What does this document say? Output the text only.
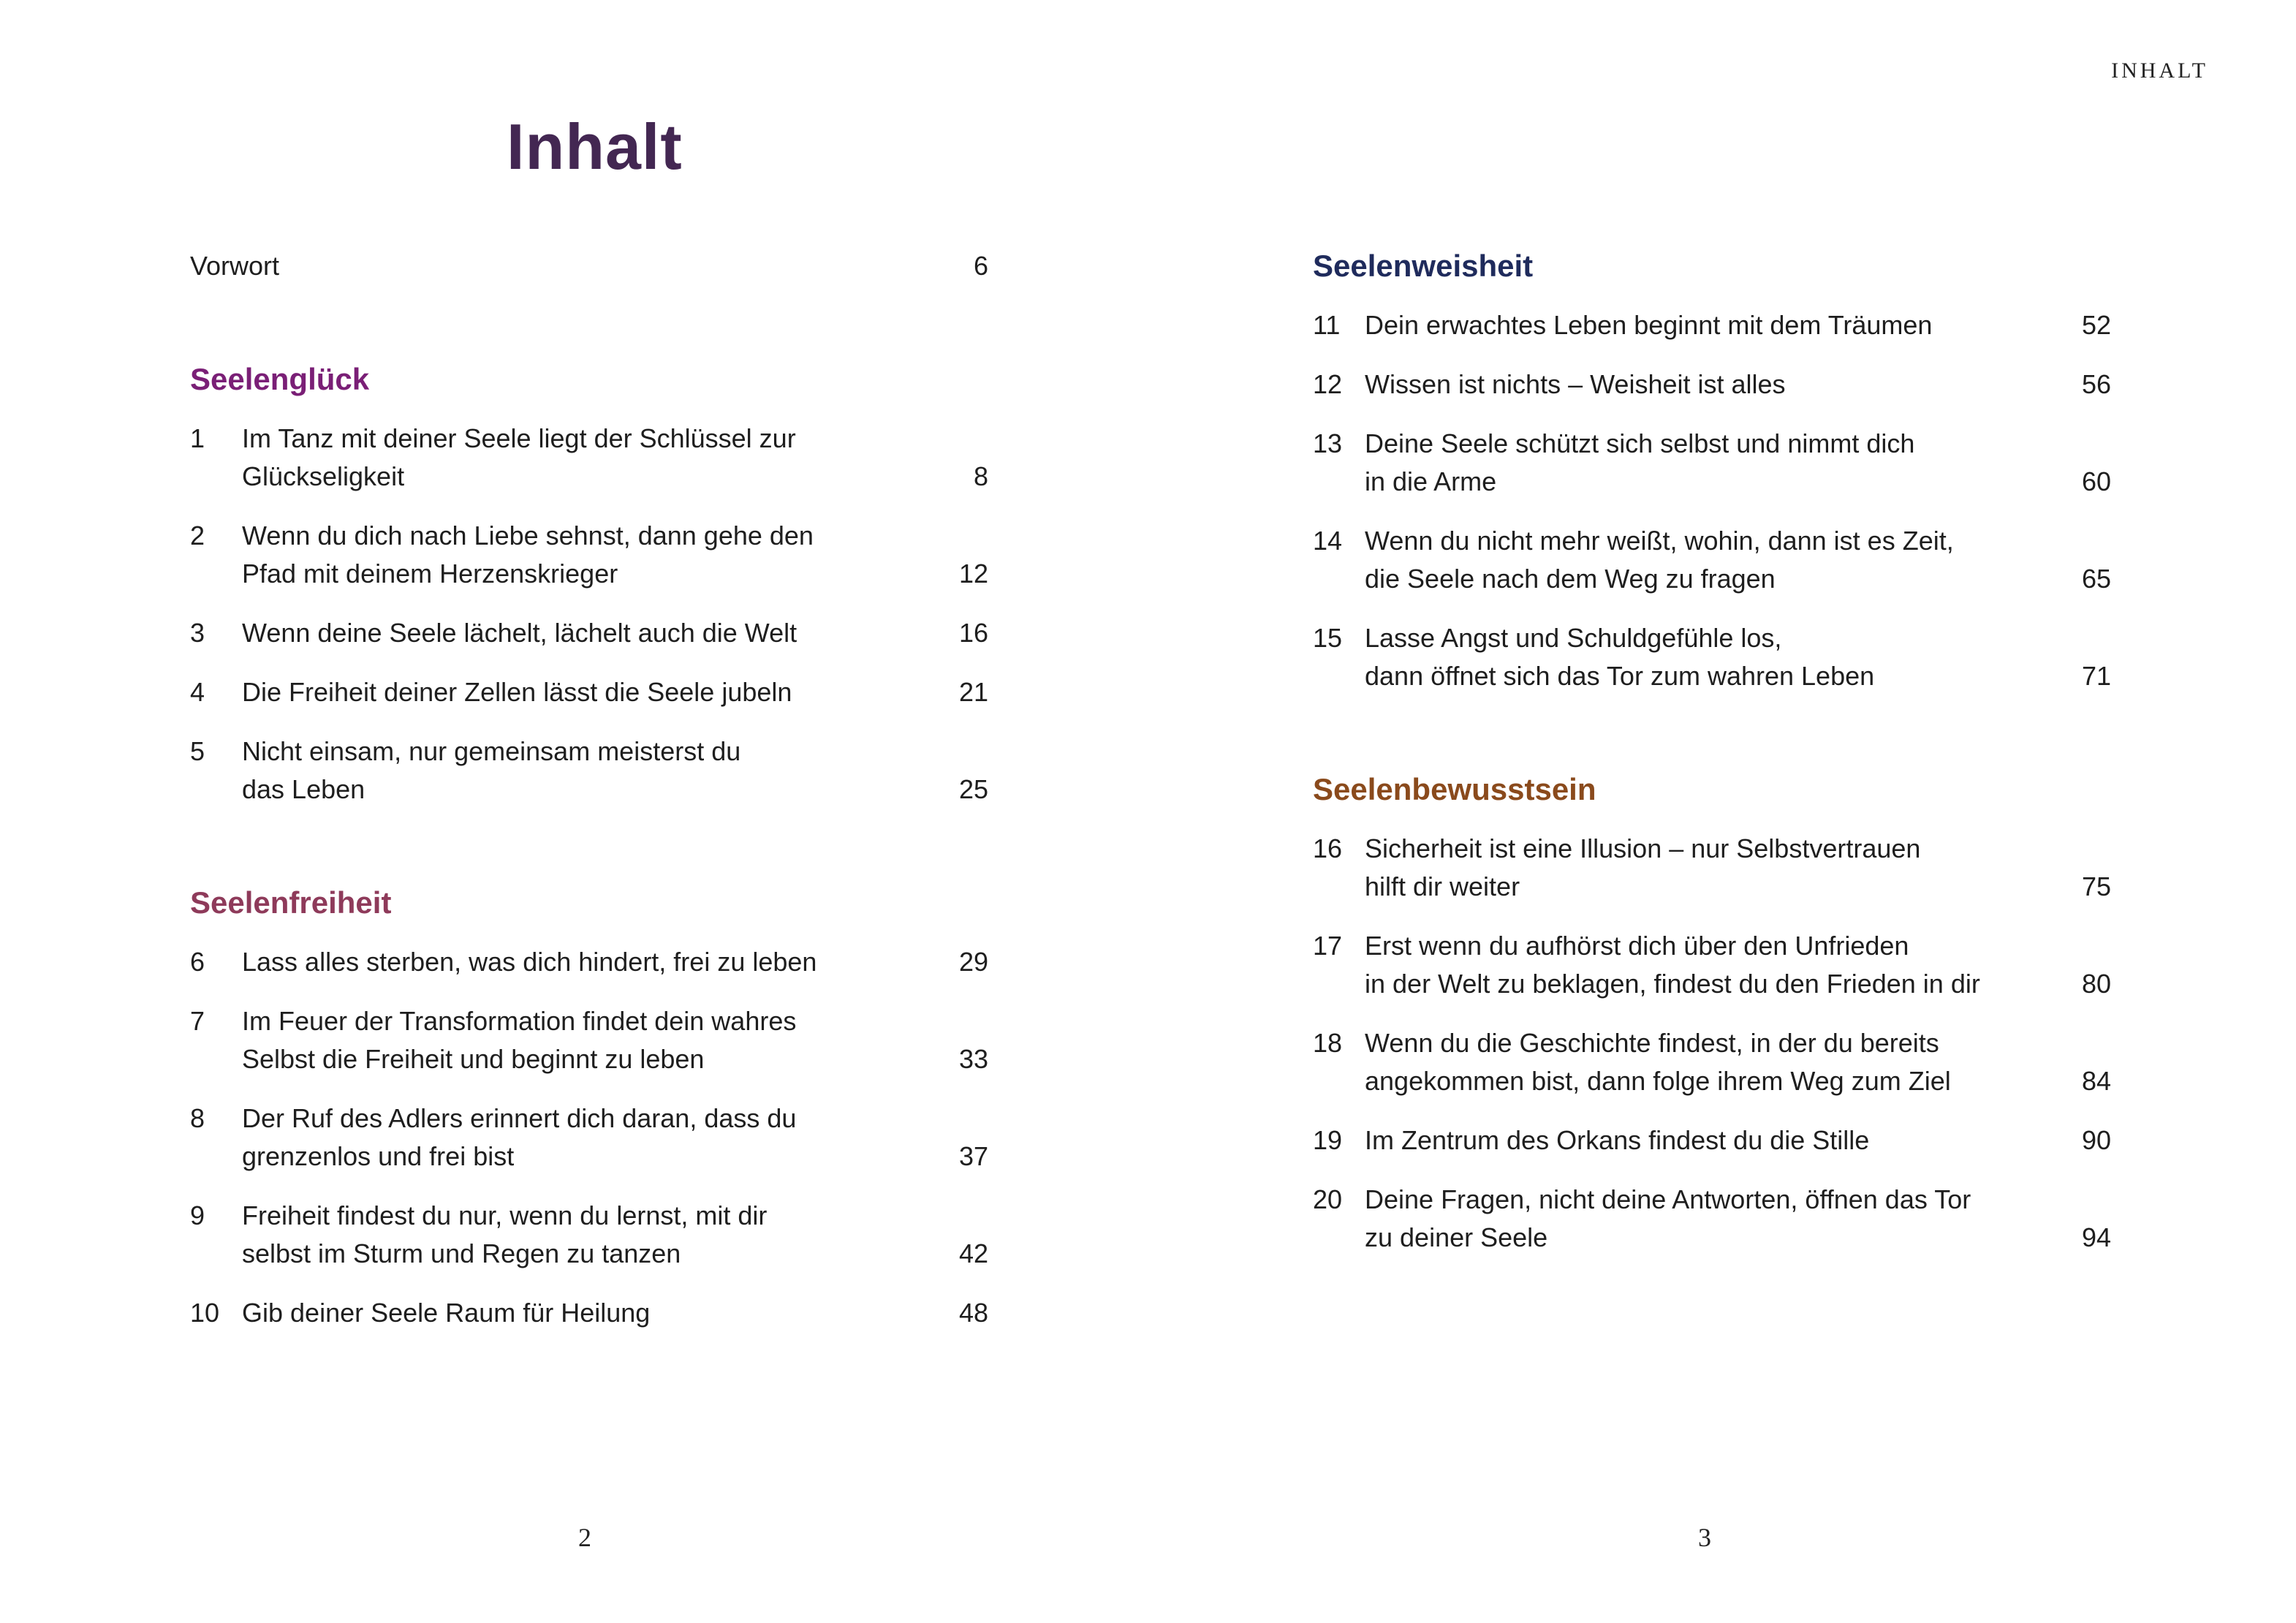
INHALT
Inhalt
Vorwort	6
Seelenglück
1	Im Tanz mit deiner Seele liegt der Schlüssel zur
Glückseligkeit	8
2	Wenn du dich nach Liebe sehnst, dann gehe den
Pfad mit deinem Herzenskrieger	12
3	Wenn deine Seele lächelt, lächelt auch die Welt	16
4	Die Freiheit deiner Zellen lässt die Seele jubeln	21
5	Nicht einsam, nur gemeinsam meisterst du
das Leben	25
Seelenfreiheit
6	Lass alles sterben, was dich hindert, frei zu leben	29
7	Im Feuer der Transformation findet dein wahres
Selbst die Freiheit und beginnt zu leben	33
8	Der Ruf des Adlers erinnert dich daran, dass du
grenzenlos und frei bist	37
9	Freiheit findest du nur, wenn du lernst, mit dir
selbst im Sturm und Regen zu tanzen	42
10 Gib deiner Seele Raum für Heilung	48
Seelenweisheit
11 Dein erwachtes Leben beginnt mit dem Träumen	52
12 Wissen ist nichts – Weisheit ist alles	56
13 Deine Seele schützt sich selbst und nimmt dich
in die Arme	60
14 Wenn du nicht mehr weißt, wohin, dann ist es Zeit,
die Seele nach dem Weg zu fragen	65
15 Lasse Angst und Schuldgefühle los,
dann öffnet sich das Tor zum wahren Leben	71
Seelenbewusstsein
16 Sicherheit ist eine Illusion – nur Selbstvertrauen
hilft dir weiter	75
17 Erst wenn du aufhörst dich über den Unfrieden
in der Welt zu beklagen, findest du den Frieden in dir	80
18 Wenn du die Geschichte findest, in der du bereits
angekommen bist, dann folge ihrem Weg zum Ziel	84
19 Im Zentrum des Orkans findest du die Stille	90
20 Deine Fragen, nicht deine Antworten, öffnen das Tor
zu deiner Seele	94
2	3
